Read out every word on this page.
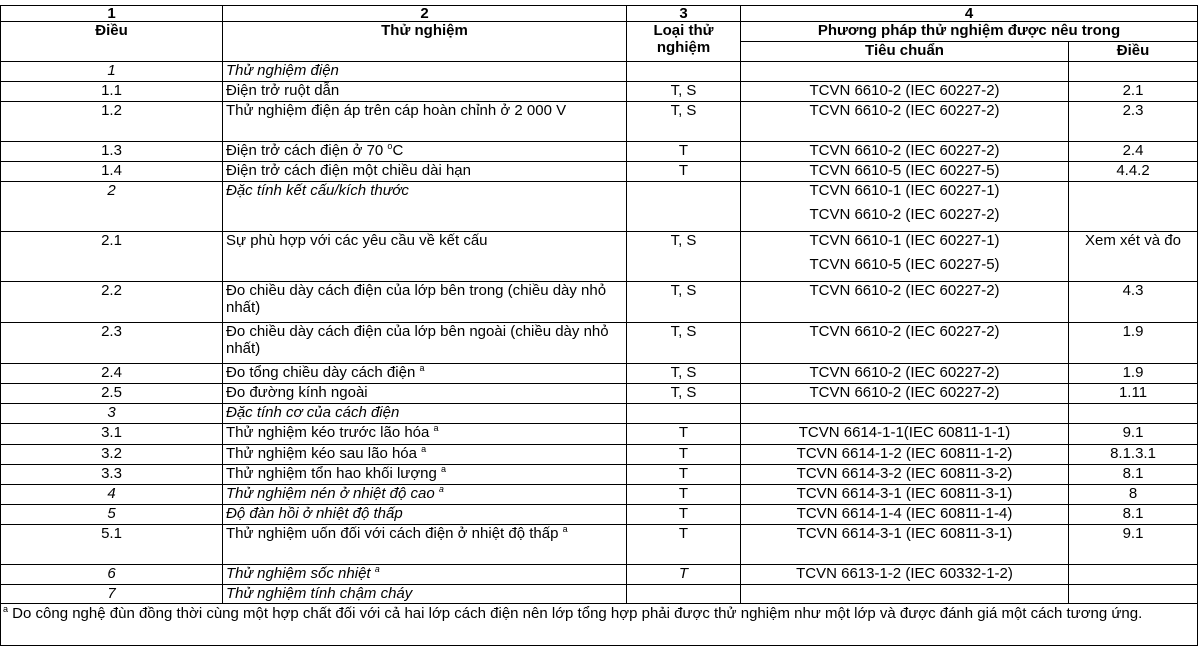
1	2	3	4	
Điều	Thử nghiệm	Loại thử
nghiệm	Phương pháp thử nghiệm được nêu trong	
			Tiêu chuẩn	Điều
1	Thử nghiệm điện			
1.1	Điện trở ruột dẫn	T, S	TCVN 6610-2 (IEC 60227-2)	2.1
1.2	Thử nghiệm điện áp trên cáp hoàn chỉnh ở 2 000 V	T, S	TCVN 6610-2 (IEC 60227-2)	2.3
1.3	Điện trở cách điện ở 70 $^o$C	T	TCVN 6610-2 (IEC 60227-2)	2.4
1.4	Điện trở cách điện một chiều dài hạn	T	TCVN 6610-5 (IEC 60227-5)	4.4.2
2	Đặc tính kết cấu/kích thước		TCVN 6610-1 (IEC 60227-1)
TCVN 6610-2 (IEC 60227-2)	

2.1	Sự phù hợp với các yêu cầu về kết cấu	T, S	TCVN 6610-1 (IEC 60227-1)
TCVN 6610-5 (IEC 60227-5)	Xem xét và đo
2.2	Đo chiều dày cách điện của lớp bên trong (chiều dày nhỏ nhất)	T, S	TCVN 6610-2 (IEC 60227-2)	4.3
2.3	Đo chiều dày cách điện của lớp bên ngoài (chiều dày nhỏ nhất)	T, S	TCVN 6610-2 (IEC 60227-2)	1.9
2.4	Đo tổng chiều dày cách điện $^a$	T, S	TCVN 6610-2 (IEC 60227-2)	1.9
2.5	Đo đường kính ngoài	T, S	TCVN 6610-2 (IEC 60227-2)	1.11
3	Đặc tính cơ của cách điện			
3.1	Thử nghiệm kéo trước lão hóa $^a$	T	TCVN 6614-1-1(IEC 60811-1-1)	9.1
3.2	Thử nghiệm kéo sau lão hóa $^a$	T	TCVN 6614-1-2 (IEC 60811-1-2)	8.1.3.1
3.3	Thử nghiệm tổn hao khối lượng $^a$	T	TCVN 6614-3-2 (IEC 60811-3-2)	8.1
4	Thử nghiệm nén ở nhiệt độ cao $^a$	T	TCVN 6614-3-1 (IEC 60811-3-1)	8
5	Độ đàn hồi ở nhiệt độ thấp	T	TCVN 6614-1-4 (IEC 60811-1-4)	8.1
5.1	Thử nghiệm uốn đối với cách điện ở nhiệt độ thấp $^a$	T	TCVN 6614-3-1 (IEC 60811-3-1)	9.1
6	Thử nghiệm sốc nhiệt $^a$	T	TCVN 6613-1-2 (IEC 60332-1-2)	
7	Thử nghiệm tính chậm cháy			
$^a$ Do công nghệ đùn đồng thời cùng một hợp chất đối với cả hai lớp cách điện nên lớp tổng hợp phải được thử nghiệm như một lớp và được đánh giá một cách tương ứng.				
